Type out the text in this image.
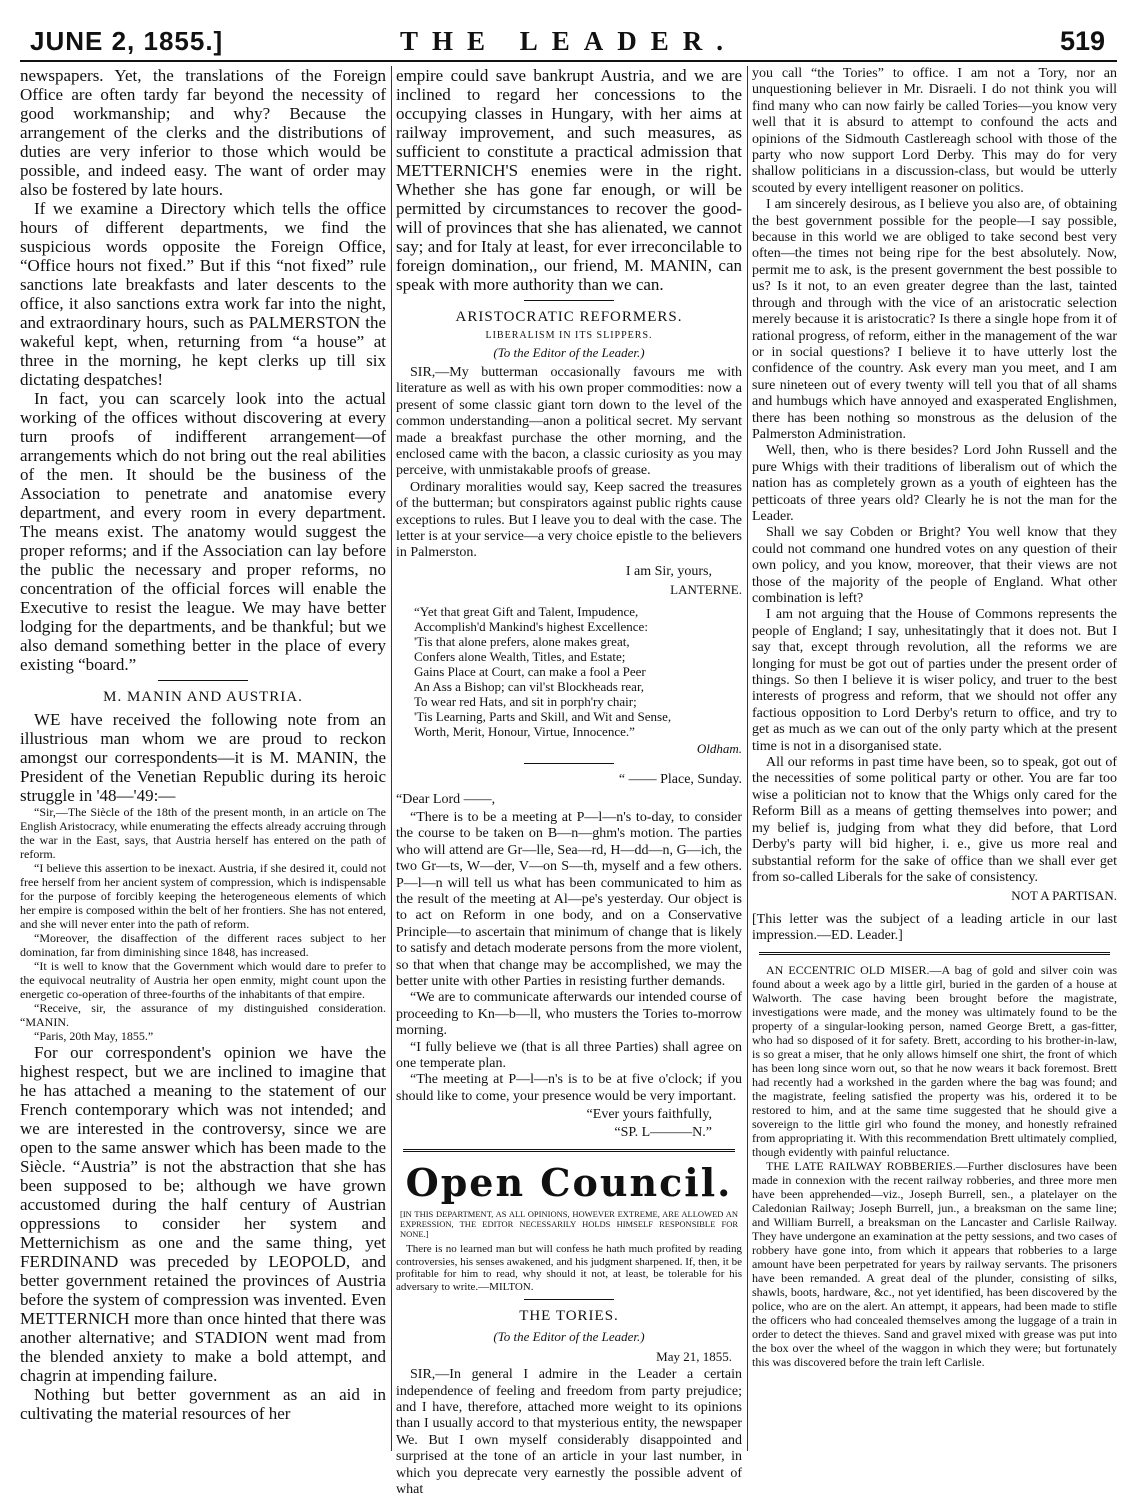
JUNE 2, 1855.]	THE LEADER.	519

newspapers. Yet, the translations of the Foreign Office are often tardy far beyond the necessity of good workmanship; and why? Because the arrangement of the clerks and the distributions of duties are very inferior to those which would be possible, and indeed easy. The want of order may also be fostered by late hours.

If we examine a Directory which tells the office hours of different departments, we find the suspicious words opposite the Foreign Office, “Office hours not fixed.” But if this “not fixed” rule sanctions late breakfasts and later descents to the office, it also sanctions extra work far into the night, and extraordinary hours, such as PALMERSTON the wakeful kept, when, returning from “a house” at three in the morning, he kept clerks up till six dictating despatches!

In fact, you can scarcely look into the actual working of the offices without discovering at every turn proofs of indifferent arrangement—of arrangements which do not bring out the real abilities of the men. It should be the business of the Association to penetrate and anatomise every department, and every room in every department. The means exist. The anatomy would suggest the proper reforms; and if the Association can lay before the public the necessary and proper reforms, no concentration of the official forces will enable the Executive to resist the league. We may have better lodging for the departments, and be thankful; but we also demand something better in the place of every existing “board.”

M. MANIN AND AUSTRIA.

WE have received the following note from an illustrious man whom we are proud to reckon amongst our correspondents—it is M. MANIN, the President of the Venetian Republic during its heroic struggle in '48—'49:—

“Sir,—The Siècle of the 18th of the present month, in an article on The English Aristocracy, while enumerating the effects already accruing through the war in the East, says, that Austria herself has entered on the path of reform.

“I believe this assertion to be inexact. Austria, if she desired it, could not free herself from her ancient system of compression, which is indispensable for the purpose of forcibly keeping the heterogeneous elements of which her empire is composed within the belt of her frontiers. She has not entered, and she will never enter into the path of reform.

“Moreover, the disaffection of the different races subject to her domination, far from diminishing since 1848, has increased.

“It is well to know that the Government which would dare to prefer to the equivocal neutrality of Austria her open enmity, might count upon the energetic co-operation of three-fourths of the inhabitants of that empire.

“Receive, sir, the assurance of my distinguished consideration. “MANIN.

“Paris, 20th May, 1855.”

For our correspondent's opinion we have the highest respect, but we are inclined to imagine that he has attached a meaning to the statement of our French contemporary which was not intended; and we are interested in the controversy, since we are open to the same answer which has been made to the Siècle. “Austria” is not the abstraction that she has been supposed to be; although we have grown accustomed during the half century of Austrian oppressions to consider her system and Metternichism as one and the same thing, yet FERDINAND was preceded by LEOPOLD, and better government retained the provinces of Austria before the system of compression was invented. Even METTERNICH more than once hinted that there was another alternative; and STADION went mad from the blended anxiety to make a bold attempt, and chagrin at impending failure.

Nothing but better government as an aid in cultivating the material resources of her

empire could save bankrupt Austria, and we are inclined to regard her concessions to the occupying classes in Hungary, with her aims at railway improvement, and such measures, as sufficient to constitute a practical admission that METTERNICH'S enemies were in the right. Whether she has gone far enough, or will be permitted by circumstances to recover the good-will of provinces that she has alienated, we cannot say; and for Italy at least, for ever irreconcilable to foreign domination,, our friend, M. MANIN, can speak with more authority than we can.

ARISTOCRATIC REFORMERS.
LIBERALISM IN ITS SLIPPERS.
(To the Editor of the Leader.)

SIR,—My butterman occasionally favours me with literature as well as with his own proper commodities: now a present of some classic giant torn down to the level of the common understanding—anon a political secret. My servant made a breakfast purchase the other morning, and the enclosed came with the bacon, a classic curiosity as you may perceive, with unmistakable proofs of grease.

Ordinary moralities would say, Keep sacred the treasures of the butterman; but conspirators against public rights cause exceptions to rules. But I leave you to deal with the case. The letter is at your service—a very choice epistle to the believers in Palmerston.

I am Sir, yours,
LANTERNE.
“Yet that great Gift and Talent, Impudence,
Accomplish'd Mankind's highest Excellence:
'Tis that alone prefers, alone makes great,
Confers alone Wealth, Titles, and Estate;
Gains Place at Court, can make a fool a Peer
An Ass a Bishop; can vil'st Blockheads rear,
To wear red Hats, and sit in porph'ry chair;
'Tis Learning, Parts and Skill, and Wit and Sense,
Worth, Merit, Honour, Virtue, Innocence.”
Oldham.
“ —— Place, Sunday.
“Dear Lord ——,

“There is to be a meeting at P—l—n's to-day, to consider the course to be taken on B—n—ghm's motion. The parties who will attend are Gr—lle, Sea—rd, H—dd—n, G—ich, the two Gr—ts, W—der, V—on S—th, myself and a few others. P—l—n will tell us what has been communicated to him as the result of the meeting at Al—pe's yesterday. Our object is to act on Reform in one body, and on a Conservative Principle—to ascertain that minimum of change that is likely to satisfy and detach moderate persons from the more violent, so that when that change may be accomplished, we may the better unite with other Parties in resisting further demands.

“We are to communicate afterwards our intended course of proceeding to Kn—b—ll, who musters the Tories to-morrow morning.

“I fully believe we (that is all three Parties) shall agree on one temperate plan.

“The meeting at P—l—n's is to be at five o'clock; if you should like to come, your presence would be very important.

“Ever yours faithfully,
“SP. L———N.”
Open Council.
[IN THIS DEPARTMENT, AS ALL OPINIONS, HOWEVER EXTREME, ARE ALLOWED AN EXPRESSION, THE EDITOR NECESSARILY HOLDS HIMSELF RESPONSIBLE FOR NONE.]
There is no learned man but will confess he hath much profited by reading controversies, his senses awakened, and his judgment sharpened. If, then, it be profitable for him to read, why should it not, at least, be tolerable for his adversary to write.—MILTON.
THE TORIES.
(To the Editor of the Leader.)
May 21, 1855.

SIR,—In general I admire in the Leader a certain independence of feeling and freedom from party prejudice; and I have, therefore, attached more weight to its opinions than I usually accord to that mysterious entity, the newspaper We. But I own myself considerably disappointed and surprised at the tone of an article in your last number, in which you deprecate very earnestly the possible advent of what

you call “the Tories” to office. I am not a Tory, nor an unquestioning believer in Mr. Disraeli. I do not think you will find many who can now fairly be called Tories—you know very well that it is absurd to attempt to confound the acts and opinions of the Sidmouth Castlereagh school with those of the party who now support Lord Derby. This may do for very shallow politicians in a discussion-class, but would be utterly scouted by every intelligent reasoner on politics.

I am sincerely desirous, as I believe you also are, of obtaining the best government possible for the people—I say possible, because in this world we are obliged to take second best very often—the times not being ripe for the best absolutely. Now, permit me to ask, is the present government the best possible to us? Is it not, to an even greater degree than the last, tainted through and through with the vice of an aristocratic selection merely because it is aristocratic? Is there a single hope from it of rational progress, of reform, either in the management of the war or in social questions? I believe it to have utterly lost the confidence of the country. Ask every man you meet, and I am sure nineteen out of every twenty will tell you that of all shams and humbugs which have annoyed and exasperated Englishmen, there has been nothing so monstrous as the delusion of the Palmerston Administration.

Well, then, who is there besides? Lord John Russell and the pure Whigs with their traditions of liberalism out of which the nation has as completely grown as a youth of eighteen has the petticoats of three years old? Clearly he is not the man for the Leader.

Shall we say Cobden or Bright? You well know that they could not command one hundred votes on any question of their own policy, and you know, moreover, that their views are not those of the majority of the people of England. What other combination is left?

I am not arguing that the House of Commons represents the people of England; I say, unhesitatingly that it does not. But I say that, except through revolution, all the reforms we are longing for must be got out of parties under the present order of things. So then I believe it is wiser policy, and truer to the best interests of progress and reform, that we should not offer any factious opposition to Lord Derby's return to office, and try to get as much as we can out of the only party which at the present time is not in a disorganised state.

All our reforms in past time have been, so to speak, got out of the necessities of some political party or other. You are far too wise a politician not to know that the Whigs only cared for the Reform Bill as a means of getting themselves into power; and my belief is, judging from what they did before, that Lord Derby's party will bid higher, i. e., give us more real and substantial reform for the sake of office than we shall ever get from so-called Liberals for the sake of consistency.

NOT A PARTISAN.

[This letter was the subject of a leading article in our last impression.—ED. Leader.]

AN ECCENTRIC OLD MISER.—A bag of gold and silver coin was found about a week ago by a little girl, buried in the garden of a house at Walworth. The case having been brought before the magistrate, investigations were made, and the money was ultimately found to be the property of a singular-looking person, named George Brett, a gas-fitter, who had so disposed of it for safety. Brett, according to his brother-in-law, is so great a miser, that he only allows himself one shirt, the front of which has been long since worn out, so that he now wears it back foremost. Brett had recently had a workshed in the garden where the bag was found; and the magistrate, feeling satisfied the property was his, ordered it to be restored to him, and at the same time suggested that he should give a sovereign to the little girl who found the money, and honestly refrained from appropriating it. With this recommendation Brett ultimately complied, though evidently with painful reluctance.

THE LATE RAILWAY ROBBERIES.—Further disclosures have been made in connexion with the recent railway robberies, and three more men have been apprehended—viz., Joseph Burrell, sen., a platelayer on the Caledonian Railway; Joseph Burrell, jun., a breaksman on the same line; and William Burrell, a breaksman on the Lancaster and Carlisle Railway. They have undergone an examination at the petty sessions, and two cases of robbery have gone into, from which it appears that robberies to a large amount have been perpetrated for years by railway servants. The prisoners have been remanded. A great deal of the plunder, consisting of silks, shawls, boots, hardware, &c., not yet identified, has been discovered by the police, who are on the alert. An attempt, it appears, had been made to stifle the officers who had concealed themselves among the luggage of a train in order to detect the thieves. Sand and gravel mixed with grease was put into the box over the wheel of the waggon in which they were; but fortunately this was discovered before the train left Carlisle.
